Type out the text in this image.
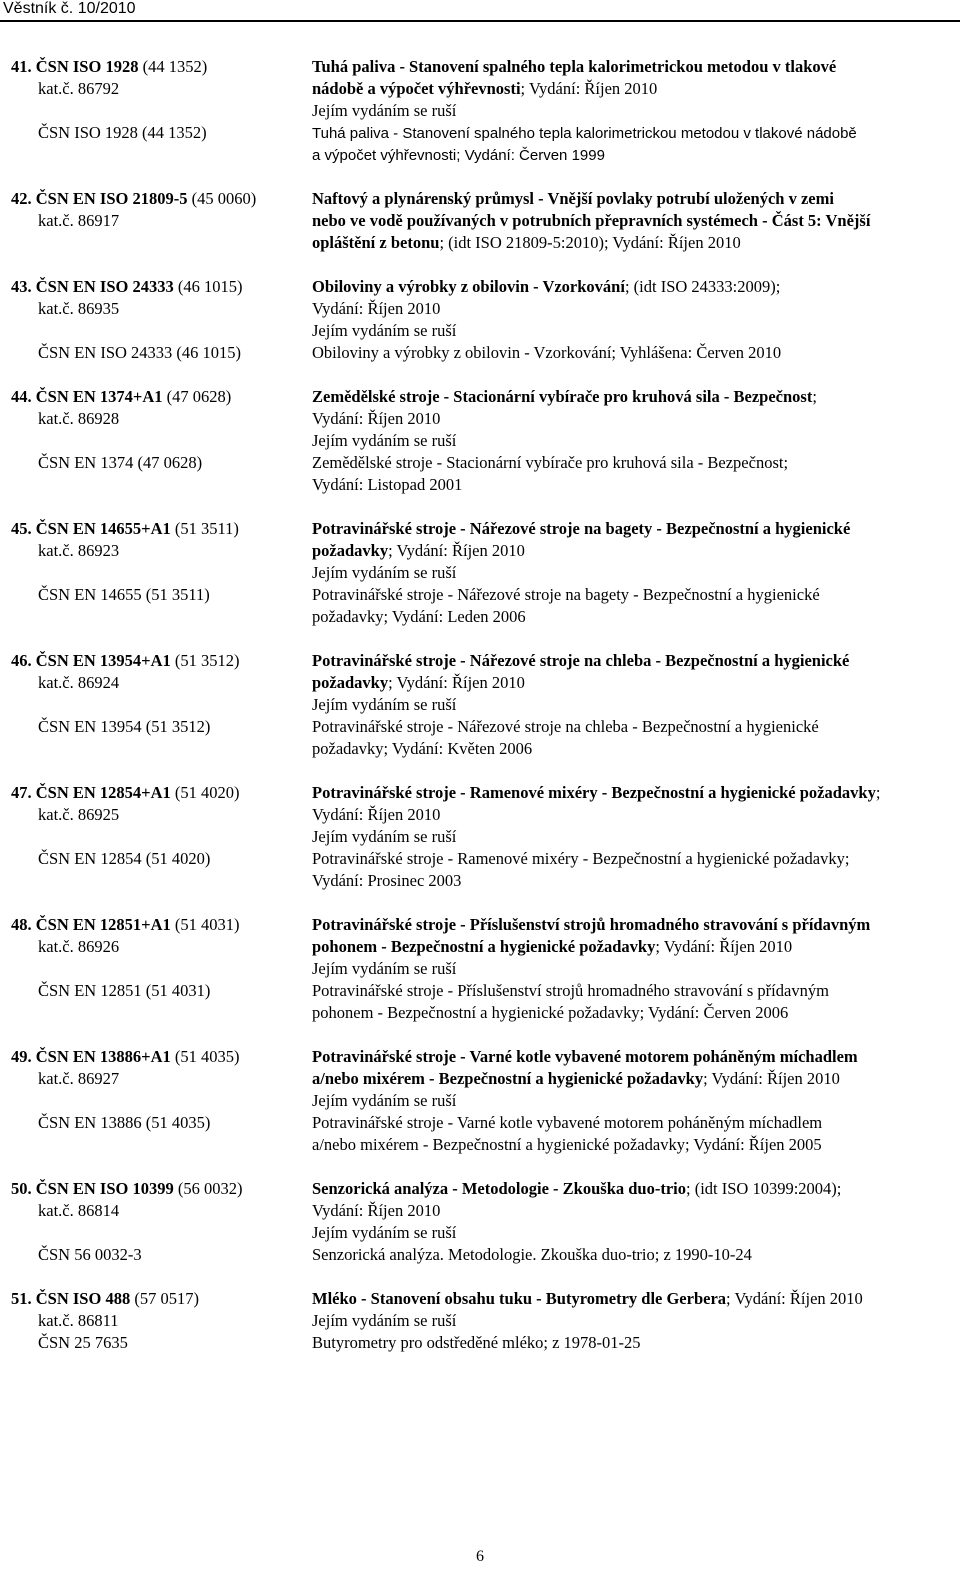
Věstník č. 10/2010
41. ČSN ISO 1928 (44 1352)	Tuhá paliva - Stanovení spalného tepla kalorimetrickou metodou v tlakové
kat.č. 86792	nádobě a výpočet výhřevnosti; Vydání: Říjen 2010
Jejím vydáním se ruší
ČSN ISO 1928 (44 1352)	Tuhá paliva - Stanovení spalného tepla kalorimetrickou metodou v tlakové nádobě
a výpočet výhřevnosti; Vydání: Červen 1999
42. ČSN EN ISO 21809-5 (45 0060)	Naftový a plynárenský průmysl - Vnější povlaky potrubí uložených v zemi
kat.č. 86917	nebo ve vodě používaných v potrubních přepravních systémech - Část 5: Vnější
opláštění z betonu; (idt ISO 21809-5:2010); Vydání: Říjen 2010
43. ČSN EN ISO 24333 (46 1015)	Obiloviny a výrobky z obilovin - Vzorkování; (idt ISO 24333:2009);
kat.č. 86935	Vydání: Říjen 2010
Jejím vydáním se ruší
ČSN EN ISO 24333 (46 1015)	Obiloviny a výrobky z obilovin - Vzorkování; Vyhlášena: Červen 2010
44. ČSN EN 1374+A1 (47 0628)	Zemědělské stroje - Stacionární vybírače pro kruhová sila - Bezpečnost;
kat.č. 86928	Vydání: Říjen 2010
Jejím vydáním se ruší
ČSN EN 1374 (47 0628)	Zemědělské stroje - Stacionární vybírače pro kruhová sila - Bezpečnost;
Vydání: Listopad 2001
45. ČSN EN 14655+A1 (51 3511)	Potravinářské stroje - Nářezové stroje na bagety - Bezpečnostní a hygienické
kat.č. 86923	požadavky; Vydání: Říjen 2010
Jejím vydáním se ruší
ČSN EN 14655 (51 3511)	Potravinářské stroje - Nářezové stroje na bagety - Bezpečnostní a hygienické
požadavky; Vydání: Leden 2006
46. ČSN EN 13954+A1 (51 3512)	Potravinářské stroje - Nářezové stroje na chleba - Bezpečnostní a hygienické
kat.č. 86924	požadavky; Vydání: Říjen 2010
Jejím vydáním se ruší
ČSN EN 13954 (51 3512)	Potravinářské stroje - Nářezové stroje na chleba - Bezpečnostní a hygienické
požadavky; Vydání: Květen 2006
47. ČSN EN 12854+A1 (51 4020)	Potravinářské stroje - Ramenové mixéry - Bezpečnostní a hygienické požadavky;
kat.č. 86925	Vydání: Říjen 2010
Jejím vydáním se ruší
ČSN EN 12854 (51 4020)	Potravinářské stroje - Ramenové mixéry - Bezpečnostní a hygienické požadavky;
Vydání: Prosinec 2003
48. ČSN EN 12851+A1 (51 4031)	Potravinářské stroje - Příslušenství strojů hromadného stravování s přídavným
kat.č. 86926	pohonem - Bezpečnostní a hygienické požadavky; Vydání: Říjen 2010
Jejím vydáním se ruší
ČSN EN 12851 (51 4031)	Potravinářské stroje - Příslušenství strojů hromadného stravování s přídavným
pohonem - Bezpečnostní a hygienické požadavky; Vydání: Červen 2006
49. ČSN EN 13886+A1 (51 4035)	Potravinářské stroje - Varné kotle vybavené motorem poháněným míchadlem
kat.č. 86927	a/nebo mixérem - Bezpečnostní a hygienické požadavky; Vydání: Říjen 2010
Jejím vydáním se ruší
ČSN EN 13886 (51 4035)	Potravinářské stroje - Varné kotle vybavené motorem poháněným míchadlem
a/nebo mixérem - Bezpečnostní a hygienické požadavky; Vydání: Říjen 2005
50. ČSN EN ISO 10399 (56 0032)	Senzorická analýza - Metodologie - Zkouška duo-trio; (idt ISO 10399:2004);
kat.č. 86814	Vydání: Říjen 2010
Jejím vydáním se ruší
ČSN 56 0032-3	Senzorická analýza. Metodologie. Zkouška duo-trio; z 1990-10-24
51. ČSN ISO 488 (57 0517)	Mléko - Stanovení obsahu tuku - Butyrometry dle Gerbera; Vydání: Říjen 2010
kat.č. 86811	Jejím vydáním se ruší
ČSN 25 7635	Butyrometry pro odstředěné mléko; z 1978-01-25
6
